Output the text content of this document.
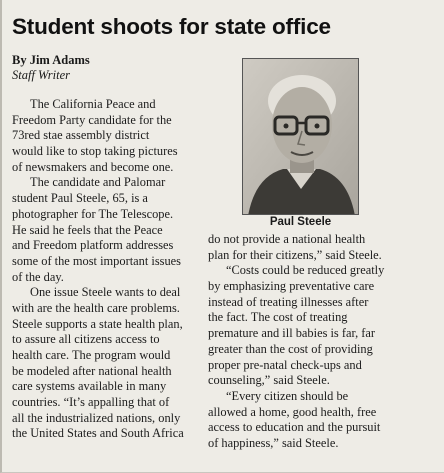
Student shoots for state office
By Jim Adams
Staff Writer
The California Peace and
Freedom Party candidate for the
73red stae assembly district
would like to stop taking pictures
of newsmakers and become one.
The candidate and Palomar
student Paul Steele, 65, is a
photographer for The Telescope.
He said he feels that the Peace
and Freedom platform addresses
some of the most important issues
of the day.
One issue Steele wants to deal
with are the health care problems.
Steele supports a state health plan,
to assure all citizens access to
health care. The program would
be modeled after national health
care systems available in many
countries. “It’s appalling that of
all the industrialized nations, only
the United States and South Africa
Paul Steele
do not provide a national health
plan for their citizens,” said Steele.
“Costs could be reduced greatly
by emphasizing preventative care
instead of treating illnesses after
the fact. The cost of treating
premature and ill babies is far, far
greater than the cost of providing
proper pre-natal check-ups and
counseling,” said Steele.
“Every citizen should be
allowed a home, good health, free
access to education and the pursuit
of happiness,” said Steele.
